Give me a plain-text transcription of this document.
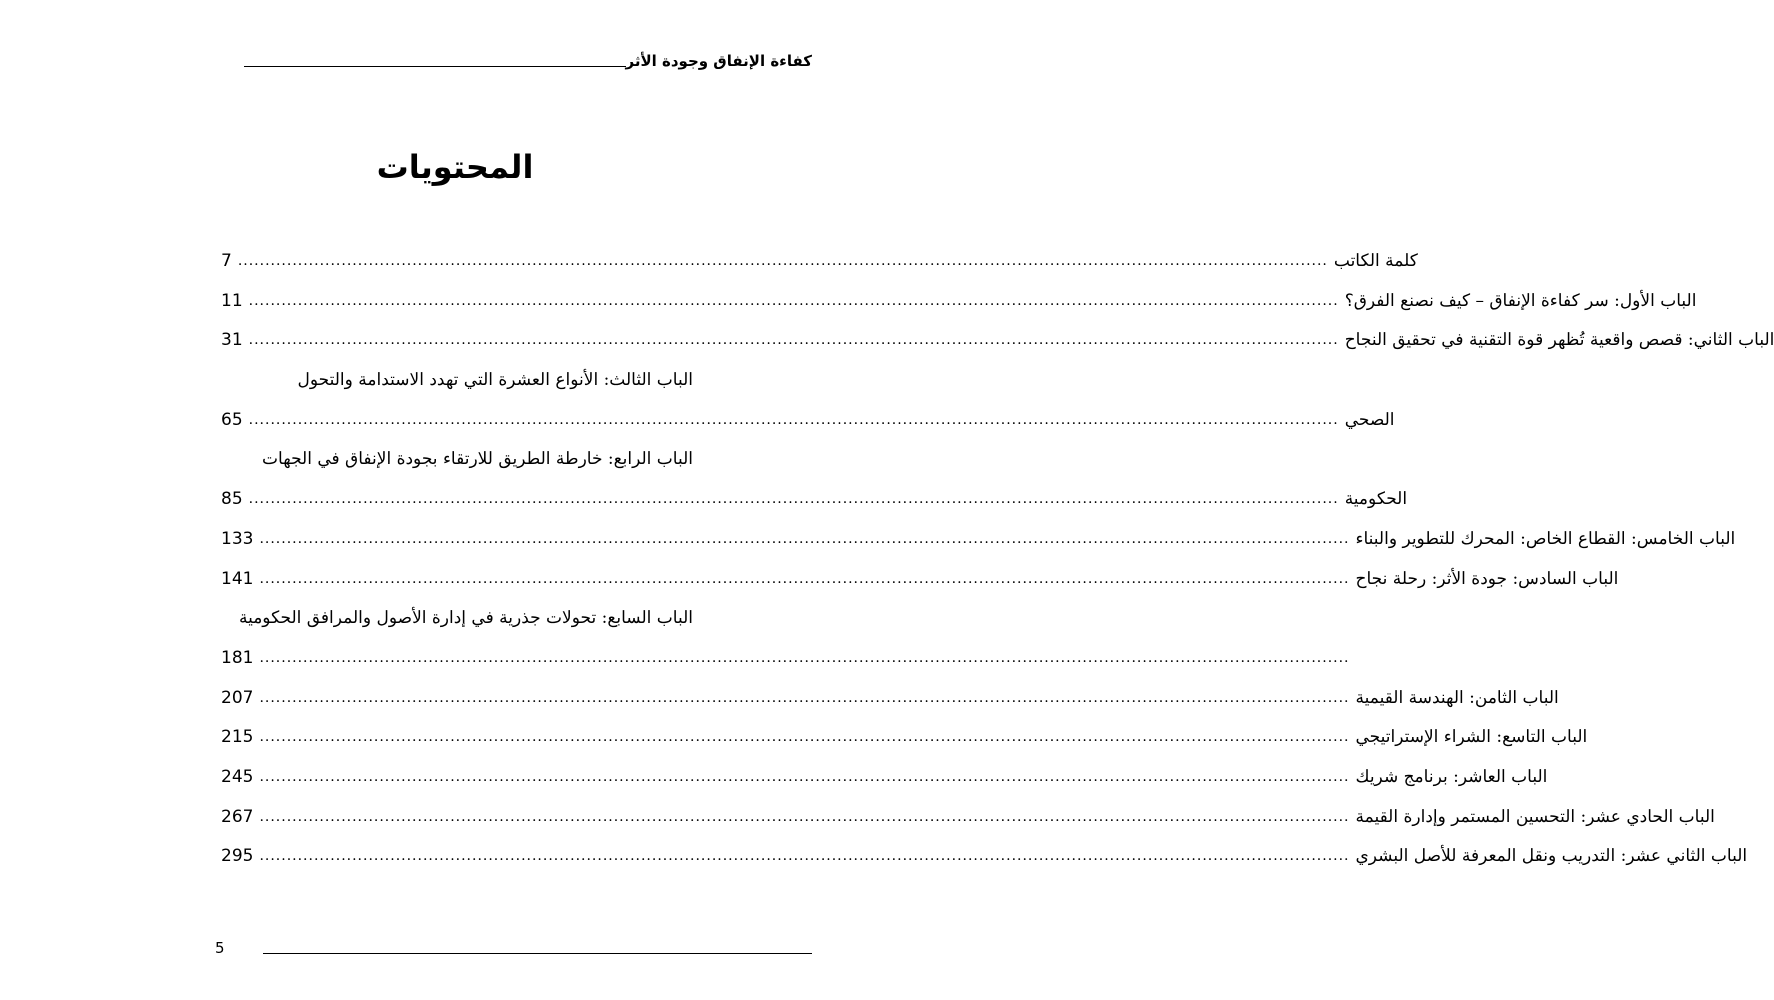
كفاءة الإنفاق وجودة الأثر
المحتويات
7 ........................................................................................................................................................................................................ كلمة الكاتب
11 ........................................................................................................................................................................................................ الباب الأول: سر كفاءة الإنفاق – كيف نصنع الفرق؟
31 ........................................................................................................................................................................................................ الباب الثاني: قصص واقعية تُظهر قوة التقنية في تحقيق النجاح
الباب الثالث: الأنواع العشرة التي تهدد الاستدامة والتحول
65 ........................................................................................................................................................................................................ الصحي
الباب الرابع: خارطة الطريق للارتقاء بجودة الإنفاق في الجهات
85 ........................................................................................................................................................................................................ الحكومية
133 ........................................................................................................................................................................................................ الباب الخامس: القطاع الخاص: المحرك للتطوير والبناء
141 ........................................................................................................................................................................................................ الباب السادس: جودة الأثر: رحلة نجاح
الباب السابع: تحولات جذرية في إدارة الأصول والمرافق الحكومية
181 ........................................................................................................................................................................................................
207 ........................................................................................................................................................................................................ الباب الثامن: الهندسة القيمية
215 ........................................................................................................................................................................................................ الباب التاسع: الشراء الإستراتيجي
245 ........................................................................................................................................................................................................ الباب العاشر: برنامج شريك
267 ........................................................................................................................................................................................................ الباب الحادي عشر: التحسين المستمر وإدارة القيمة
295 ........................................................................................................................................................................................................ الباب الثاني عشر: التدريب ونقل المعرفة للأصل البشري
5
